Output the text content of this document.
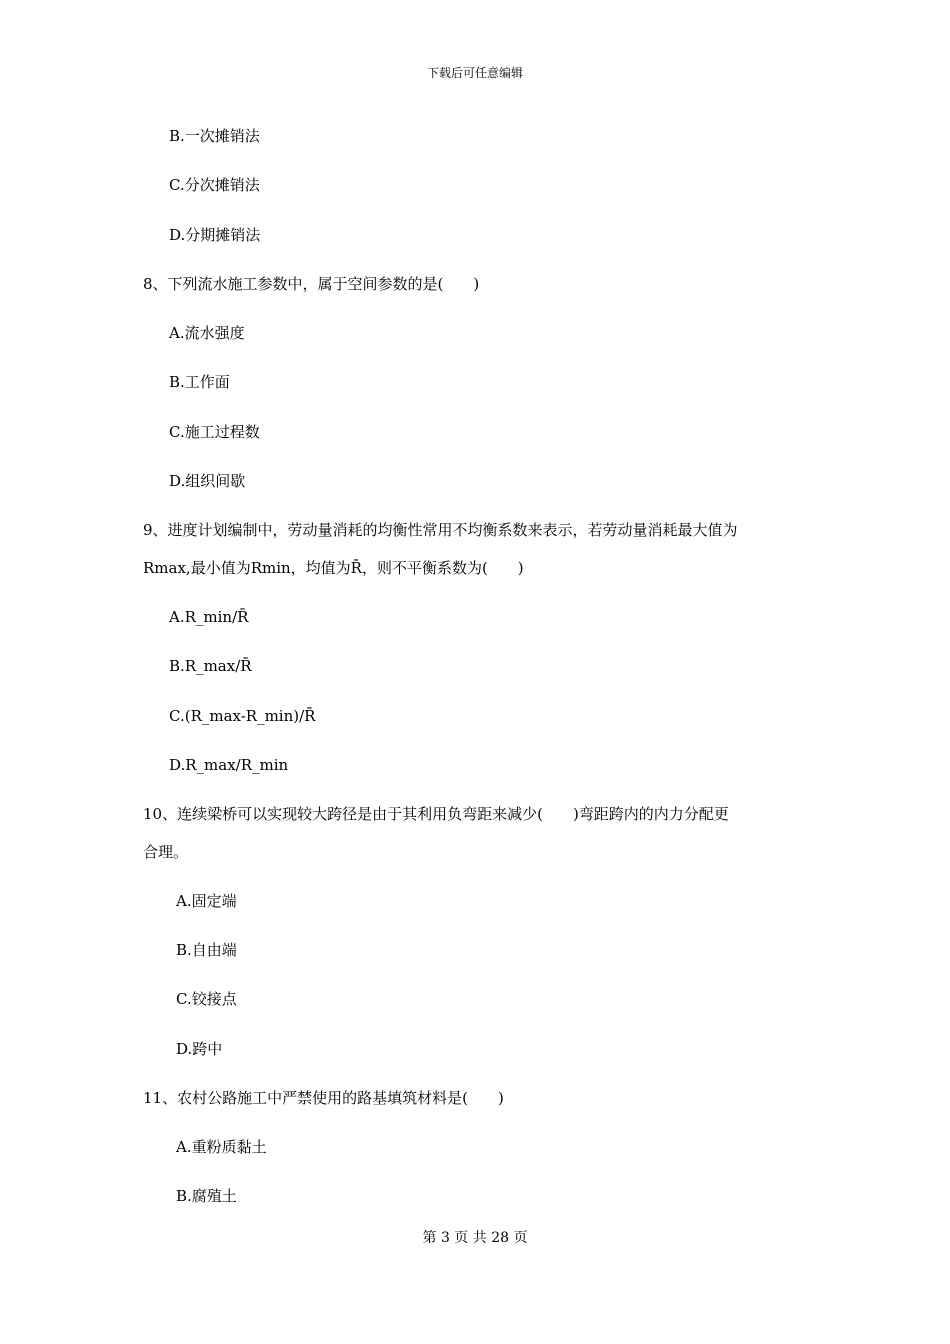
下载后可任意编辑
B.一次摊销法
C.分次摊销法
D.分期摊销法
8、下列流水施工参数中，属于空间参数的是(　　)
A.流水强度
B.工作面
C.施工过程数
D.组织间歇
9、进度计划编制中，劳动量消耗的均衡性常用不均衡系数来表示，若劳动量消耗最大值为
Rmax,最小值为Rmin，均值为R̄，则不平衡系数为(　　)
A.R_min/R̄
B.R_max/R̄
C.(R_max-R_min)/R̄
D.R_max/R_min
10、连续梁桥可以实现较大跨径是由于其利用负弯距来减少(　　)弯距跨内的内力分配更
合理。
A.固定端
B.自由端
C.铰接点
D.跨中
11、农村公路施工中严禁使用的路基填筑材料是(　　)
A.重粉质黏土
B.腐殖土
第 3 页 共 28 页
